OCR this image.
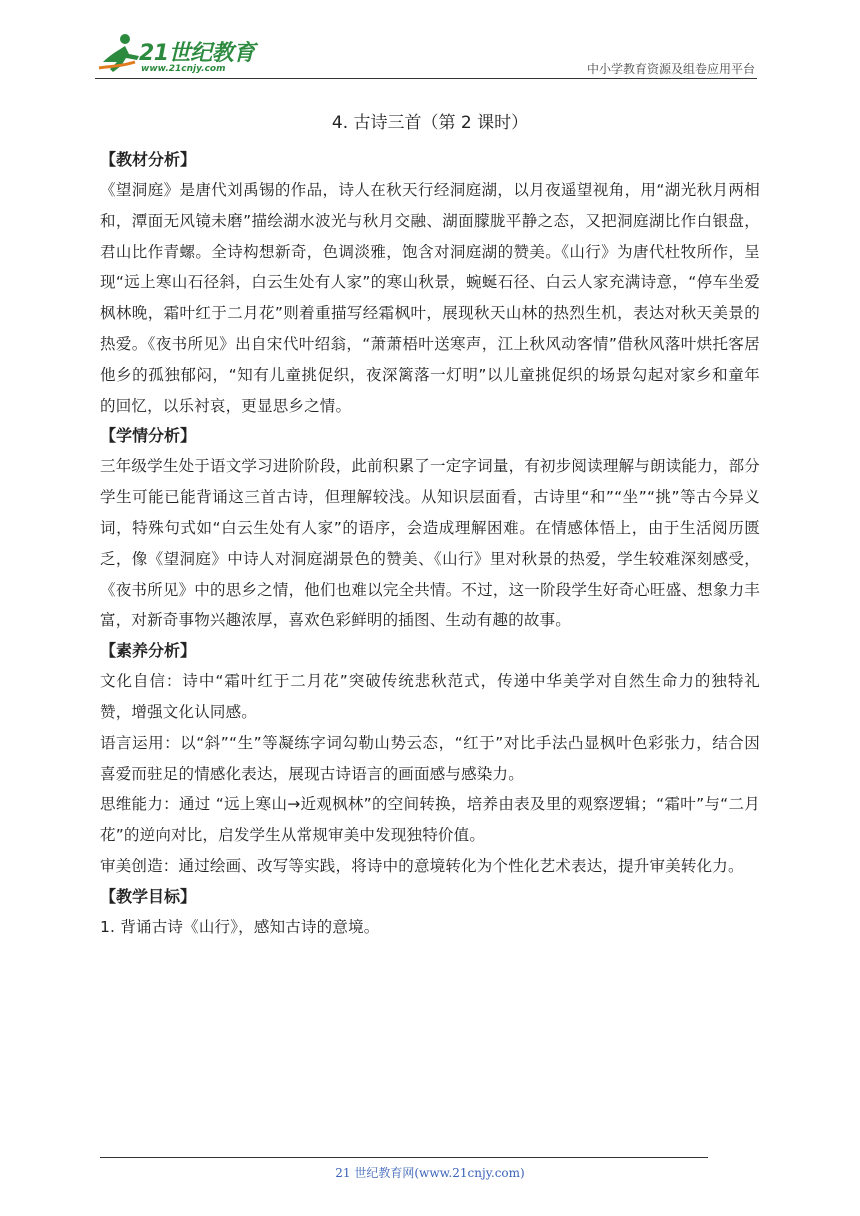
21世纪教育
www.21cnjy.com	中小学教育资源及组卷应用平台
4. 古诗三首（第 2 课时）

【教材分析】

《望洞庭》是唐代刘禹锡的作品，诗人在秋天行经洞庭湖，以月夜遥望视角，用“湖光秋月两相和，潭面无风镜未磨”描绘湖水波光与秋月交融、湖面朦胧平静之态，又把洞庭湖比作白银盘，君山比作青螺。全诗构想新奇，色调淡雅，饱含对洞庭湖的赞美。《山行》为唐代杜牧所作，呈现“远上寒山石径斜，白云生处有人家”的寒山秋景，蜿蜒石径、白云人家充满诗意，“停车坐爱枫林晚，霜叶红于二月花”则着重描写经霜枫叶，展现秋天山林的热烈生机，表达对秋天美景的热爱。《夜书所见》出自宋代叶绍翁，“萧萧梧叶送寒声，江上秋风动客情”借秋风落叶烘托客居他乡的孤独郁闷，“知有儿童挑促织，夜深篱落一灯明”以儿童挑促织的场景勾起对家乡和童年的回忆，以乐衬哀，更显思乡之情。

【学情分析】

三年级学生处于语文学习进阶阶段，此前积累了一定字词量，有初步阅读理解与朗读能力，部分学生可能已能背诵这三首古诗，但理解较浅。从知识层面看，古诗里“和”“坐”“挑”等古今异义词，特殊句式如“白云生处有人家”的语序，会造成理解困难。在情感体悟上，由于生活阅历匮乏，像《望洞庭》中诗人对洞庭湖景色的赞美、《山行》里对秋景的热爱，学生较难深刻感受，《夜书所见》中的思乡之情，他们也难以完全共情。不过，这一阶段学生好奇心旺盛、想象力丰富，对新奇事物兴趣浓厚，喜欢色彩鲜明的插图、生动有趣的故事。

【素养分析】

文化自信：诗中“霜叶红于二月花”突破传统悲秋范式，传递中华美学对自然生命力的独特礼赞，增强文化认同感。

语言运用：以“斜”“生”等凝练字词勾勒山势云态，“红于”对比手法凸显枫叶色彩张力，结合因喜爱而驻足的情感化表达，展现古诗语言的画面感与感染力。

思维能力：通过 “远上寒山→近观枫林”的空间转换，培养由表及里的观察逻辑；“霜叶”与“二月花”的逆向对比，启发学生从常规审美中发现独特价值。

审美创造：通过绘画、改写等实践，将诗中的意境转化为个性化艺术表达，提升审美转化力。

【教学目标】

1. 背诵古诗《山行》，感知古诗的意境。

21 世纪教育网(www.21cnjy.com)
